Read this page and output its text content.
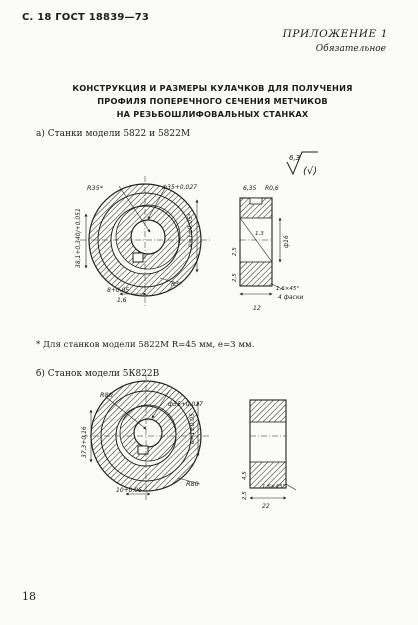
С. 18 ГОСТ 18839—73
ПРИЛОЖЕНИЕ 1
Обязательное
КОНСТРУКЦИЯ И РАЗМЕРЫ КУЛАЧКОВ ДЛЯ ПОЛУЧЕНИЯ
ПРОФИЛЯ ПОПЕРЕЧНОГО СЕЧЕНИЯ МЕТЧИКОВ
НА РЕЗЬБОШЛИФОВАЛЬНЫХ СТАНКАХ
а) Станки модели 5822 и 5822М
* Для станков модели 5822М R=45 мм, е=3 мм.
б) Станок модели 5К822В
18
6,3
(√)
R35*	ф35+0,027
e=1±0,05*
38,1+0,340/+0,051
8+0,05
1,6
R3*
6,35 R0,6
ф16
1,3
2,5
2,5
1,6×45°
4 фаски
12
R80
ф35+0,027
e=1±0,05
37,3+0,16
10+0,05
R80
4,5
2,5
1,6×45°
22
